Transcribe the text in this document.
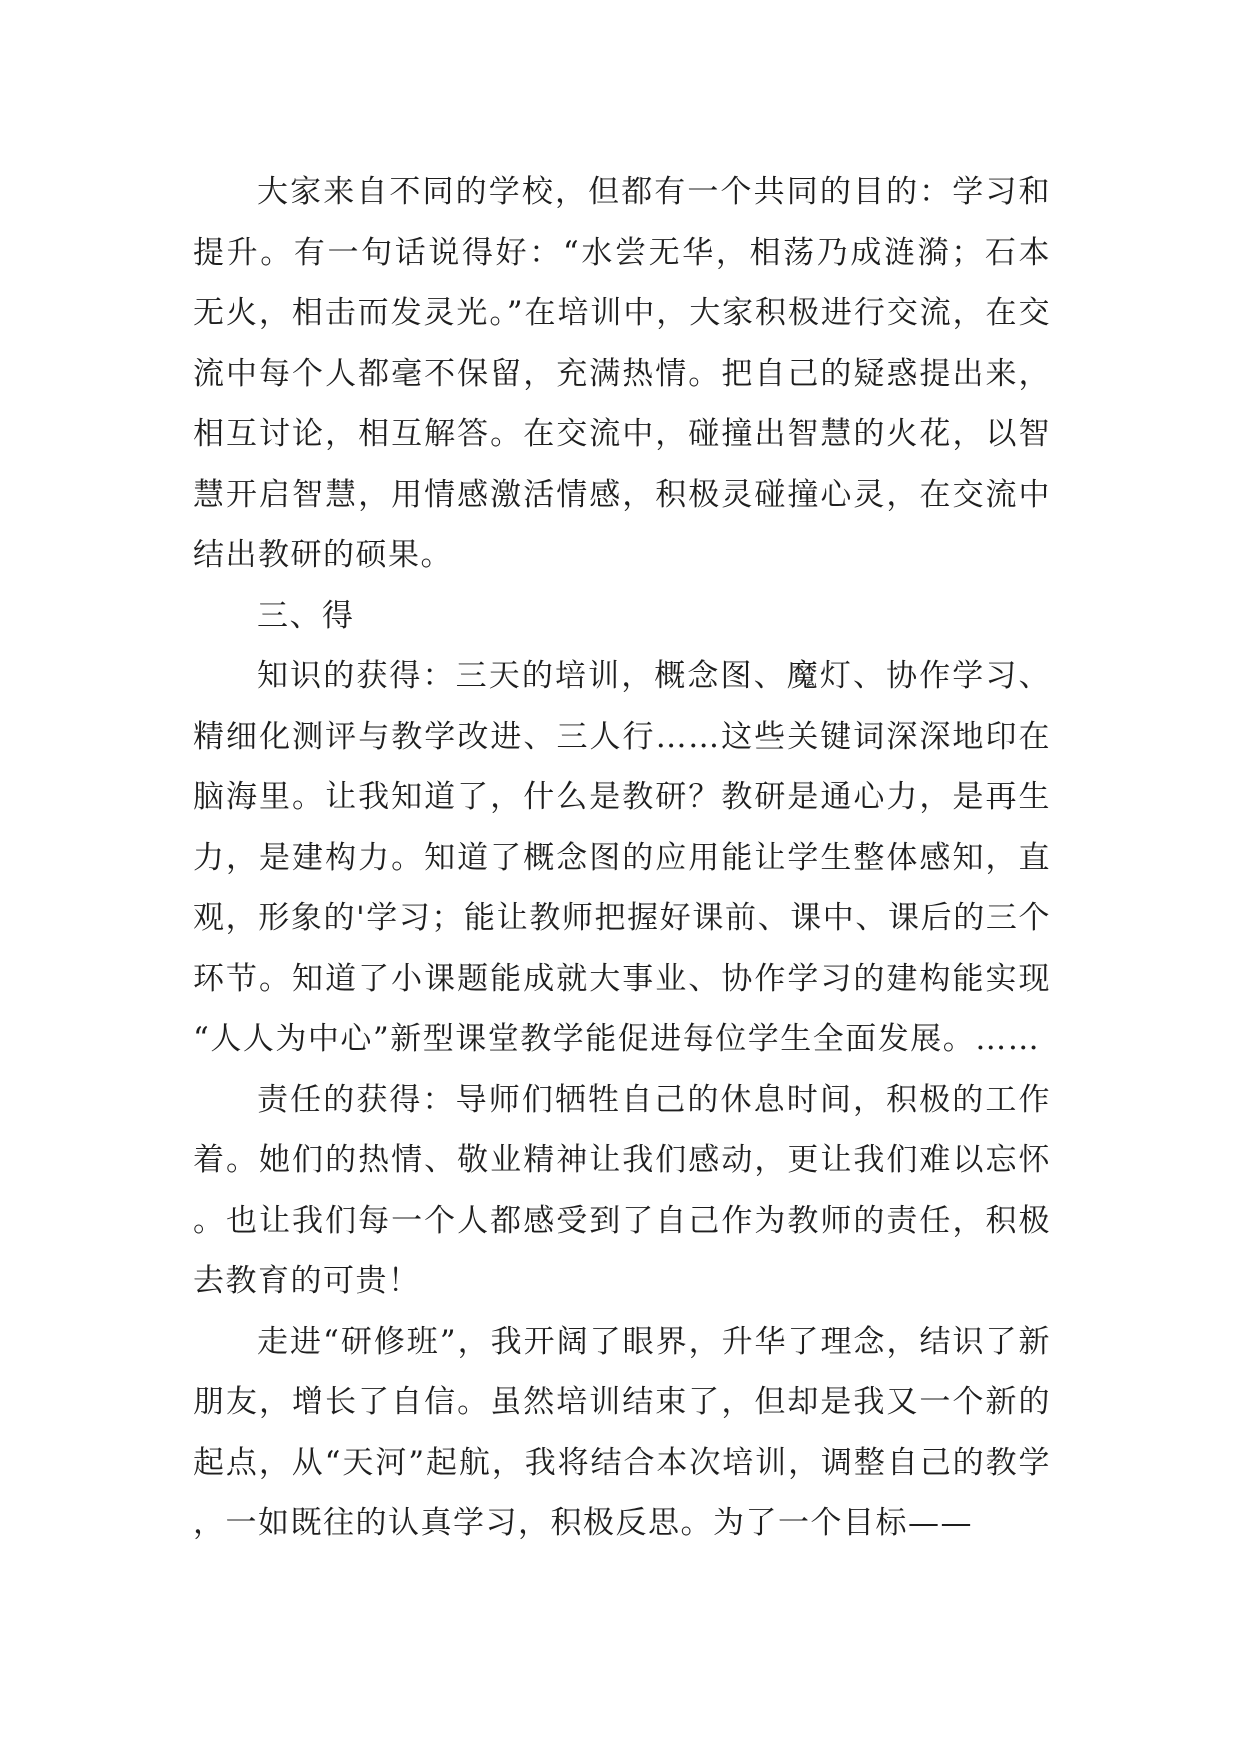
大家来自不同的学校，但都有一个共同的目的：学习和提升。有一句话说得好：“水尝无华，相荡乃成涟漪；石本无火，相击而发灵光。”在培训中，大家积极进行交流，在交流中每个人都毫不保留，充满热情。把自己的疑惑提出来，相互讨论，相互解答。在交流中，碰撞出智慧的火花，以智慧开启智慧，用情感激活情感，积极灵碰撞心灵，在交流中结出教研的硕果。

三、得

知识的获得：三天的培训，概念图、魔灯、协作学习、精细化测评与教学改进、三人行……这些关键词深深地印在脑海里。让我知道了，什么是教研？教研是通心力，是再生力，是建构力。知道了概念图的应用能让学生整体感知，直观，形象的'学习；能让教师把握好课前、课中、课后的三个环节。知道了小课题能成就大事业、协作学习的建构能实现“人人为中心”新型课堂教学能促进每位学生全面发展。……

责任的获得：导师们牺牲自己的休息时间，积极的工作着。她们的热情、敬业精神让我们感动，更让我们难以忘怀。也让我们每一个人都感受到了自己作为教师的责任，积极去教育的可贵！

走进“研修班”，我开阔了眼界，升华了理念，结识了新朋友，增长了自信。虽然培训结束了，但却是我又一个新的起点，从“天河”起航，我将结合本次培训，调整自己的教学，一如既往的认真学习，积极反思。为了一个目标——
